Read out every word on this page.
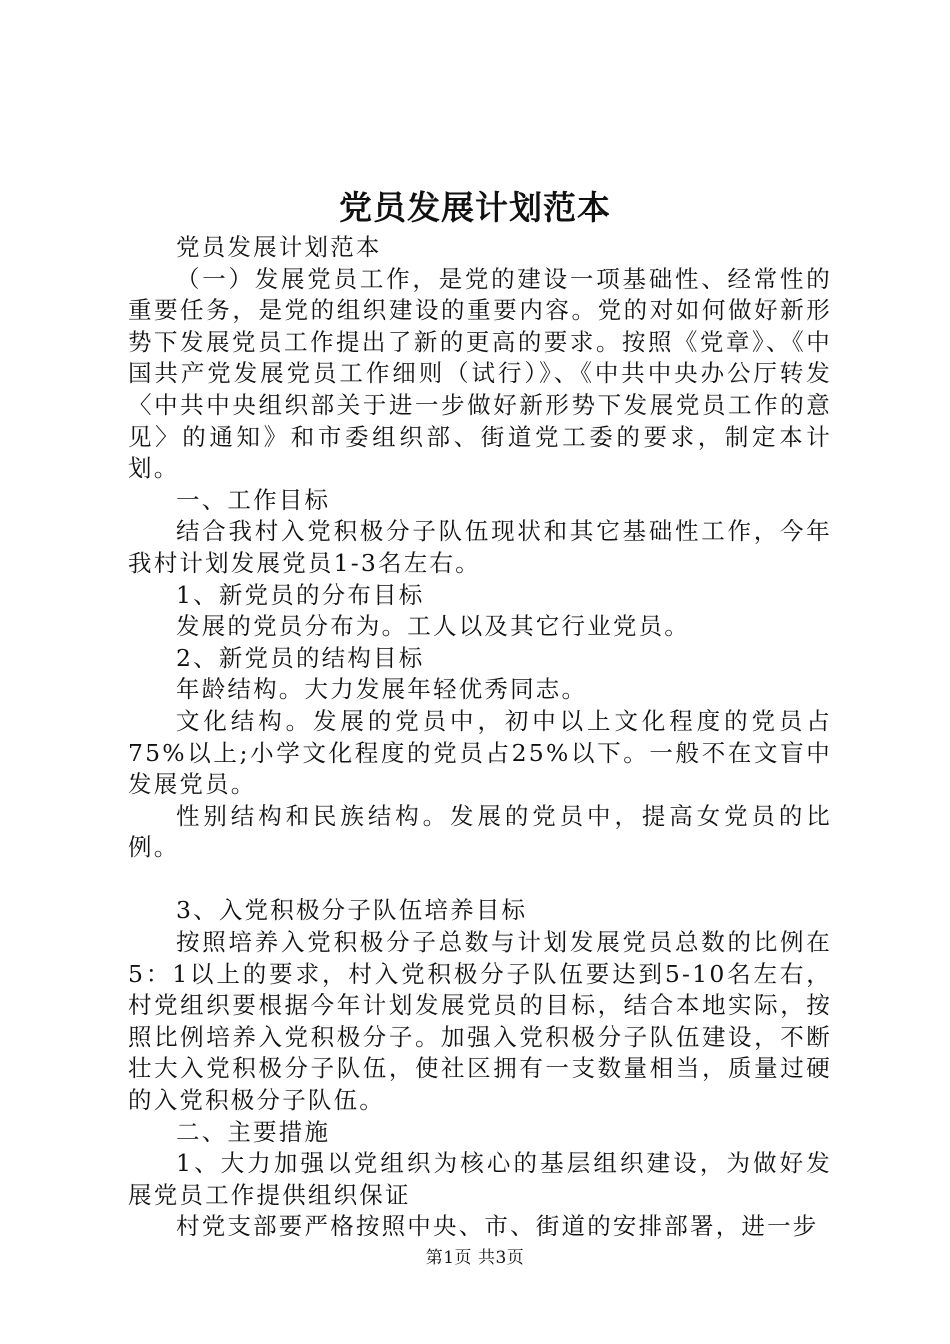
党员发展计划范本

党员发展计划范本

（一）发展党员工作，是党的建设一项基础性、经常性的重要任务，是党的组织建设的重要内容。党的对如何做好新形势下发展党员工作提出了新的更高的要求。按照《党章》、《中国共产党发展党员工作细则（试行）》、《中共中央办公厅转发〈中共中央组织部关于进一步做好新形势下发展党员工作的意见〉的通知》和市委组织部、街道党工委的要求，制定本计划。

一、工作目标

结合我村入党积极分子队伍现状和其它基础性工作，今年我村计划发展党员1-3名左右。

1、新党员的分布目标

发展的党员分布为。工人以及其它行业党员。

2、新党员的结构目标

年龄结构。大力发展年轻优秀同志。

文化结构。发展的党员中，初中以上文化程度的党员占75%以上;小学文化程度的党员占25%以下。一般不在文盲中发展党员。

性别结构和民族结构。发展的党员中，提高女党员的比例。

3、入党积极分子队伍培养目标

按照培养入党积极分子总数与计划发展党员总数的比例在5：1以上的要求，村入党积极分子队伍要达到5-10名左右，村党组织要根据今年计划发展党员的目标，结合本地实际，按照比例培养入党积极分子。加强入党积极分子队伍建设，不断壮大入党积极分子队伍，使社区拥有一支数量相当，质量过硬的入党积极分子队伍。

二、主要措施

1、大力加强以党组织为核心的基层组织建设，为做好发展党员工作提供组织保证

村党支部要严格按照中央、市、街道的安排部署，进一步

第1页 共3页
